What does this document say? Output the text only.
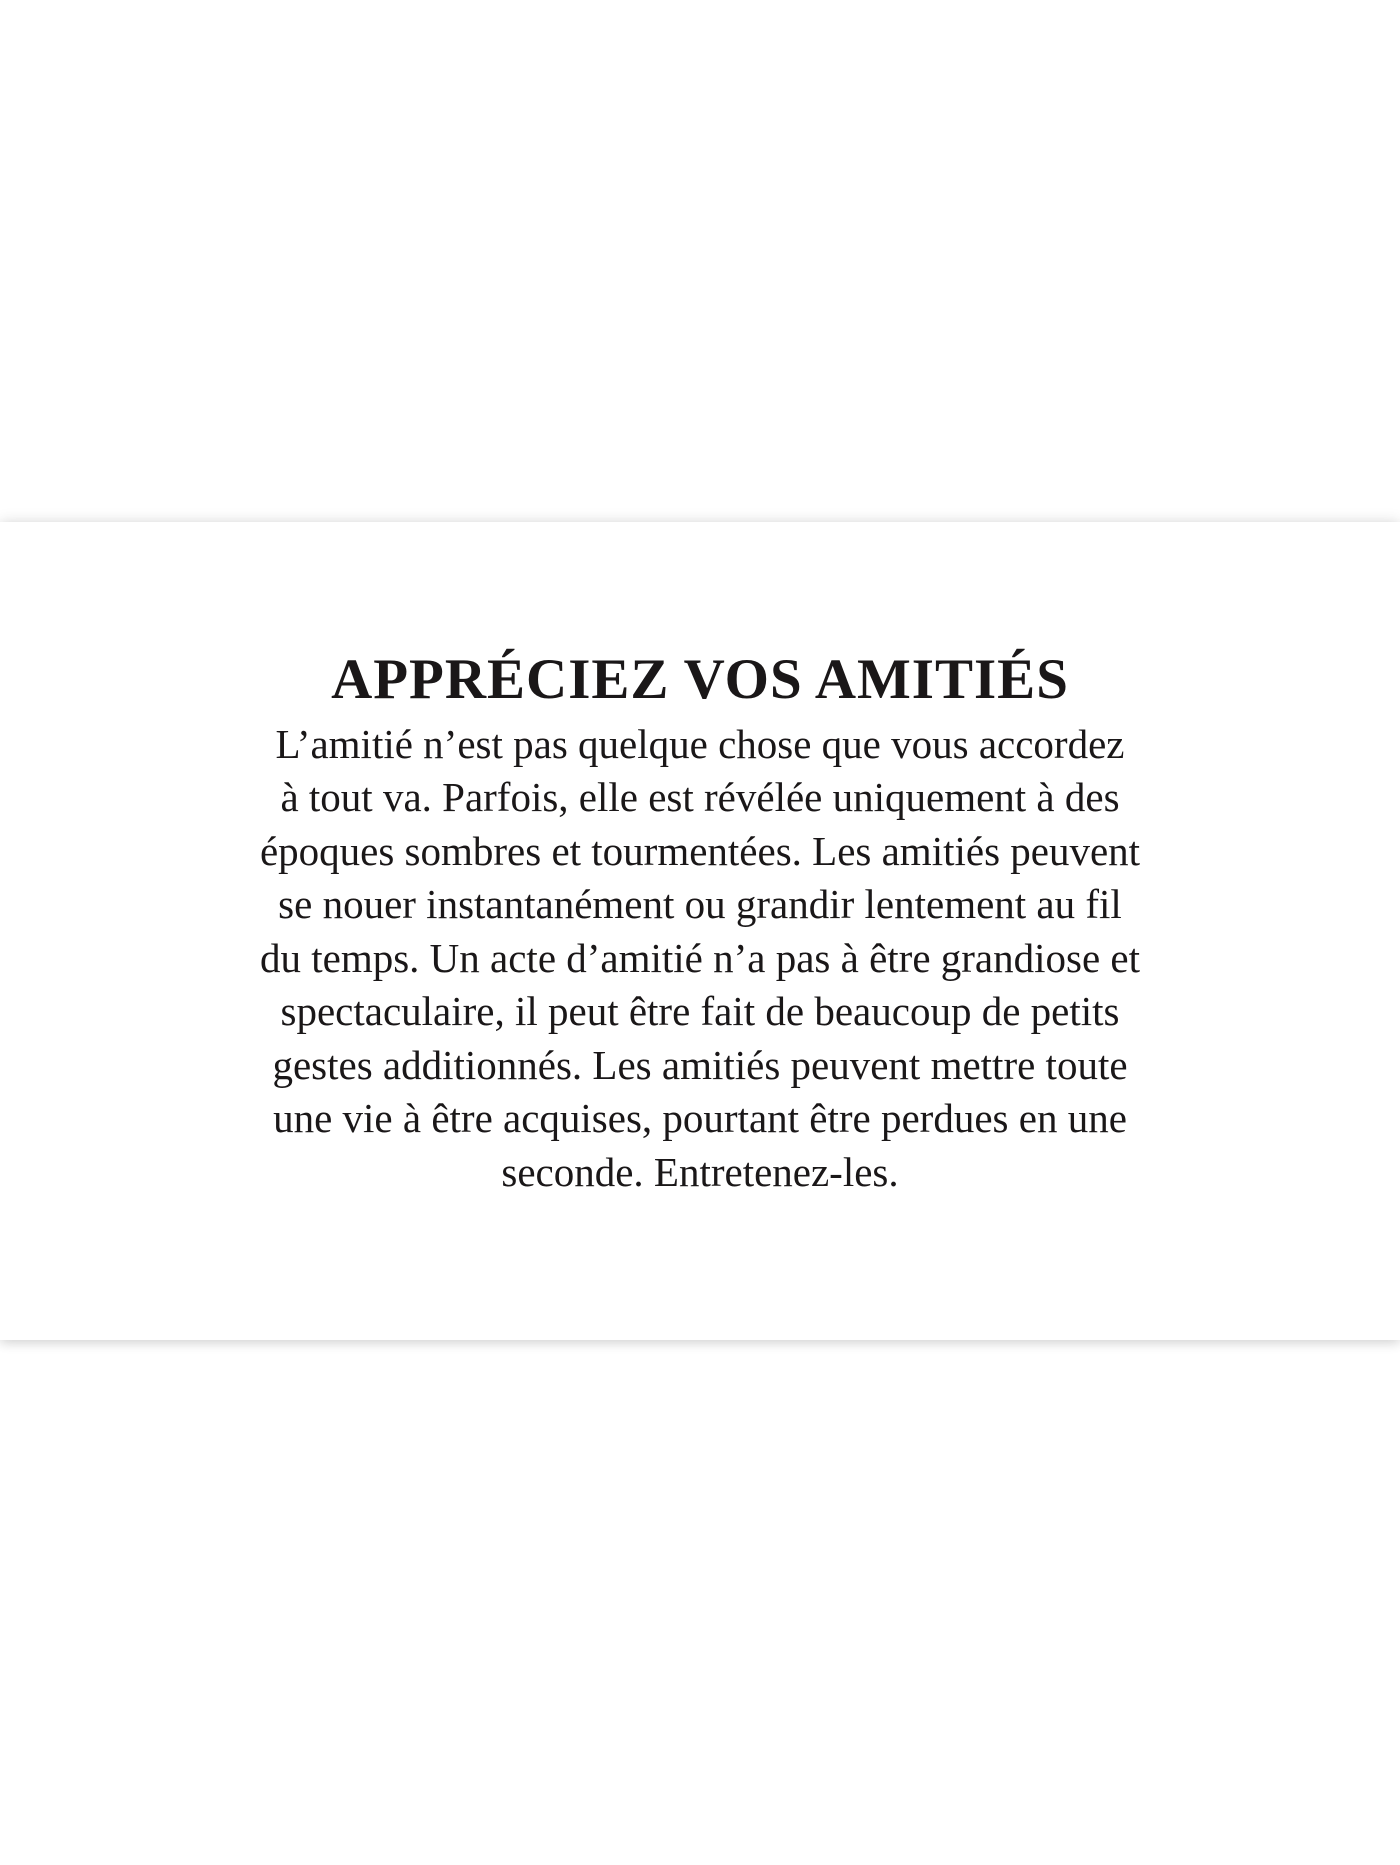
APPRÉCIEZ VOS AMITIÉS
L’amitié n’est pas quelque chose que vous accordez
à tout va. Parfois, elle est révélée uniquement à des
époques sombres et tourmentées. Les amitiés peuvent
se nouer instantanément ou grandir lentement au fil
du temps. Un acte d’amitié n’a pas à être grandiose et
spectaculaire, il peut être fait de beaucoup de petits
gestes additionnés. Les amitiés peuvent mettre toute
une vie à être acquises, pourtant être perdues en une
seconde. Entretenez-les.
